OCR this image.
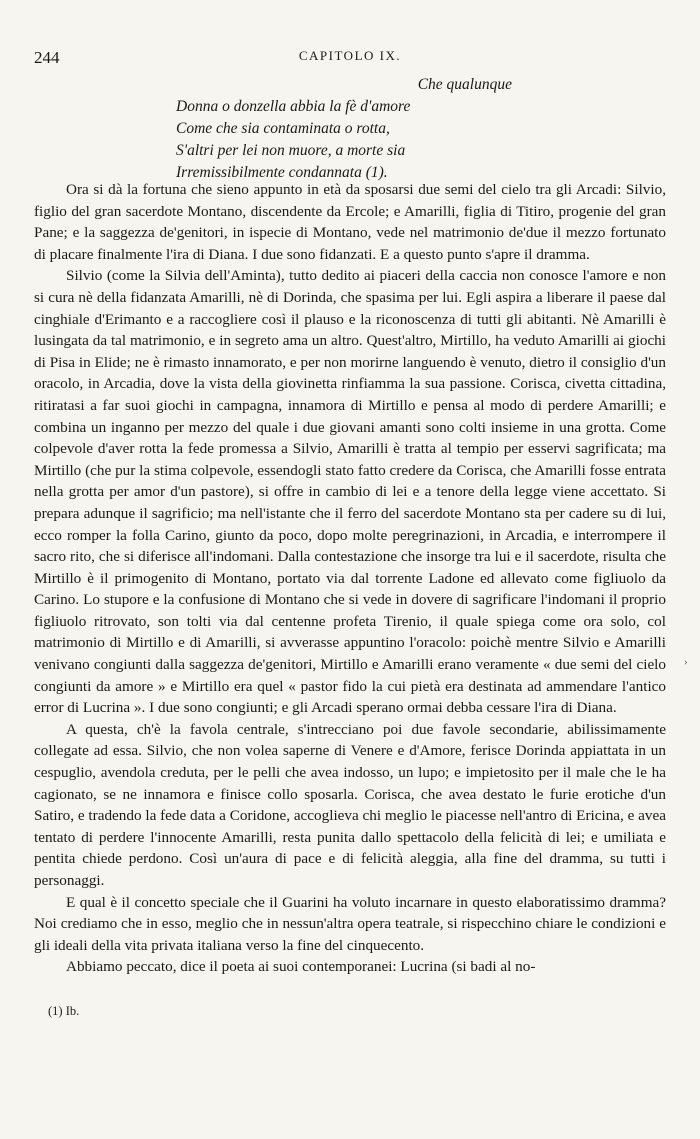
244	CAPITOLO IX.
Che qualunque
Donna o donzella abbia la fè d'amore
Come che sia contaminata o rotta,
S'altri per lei non muore, a morte sia
Irremissibilmente condannata (1).

Ora si dà la fortuna che sieno appunto in età da sposarsi due semi del cielo tra gli Arcadi: Silvio, figlio del gran sacerdote Montano, discendente da Ercole; e Amarilli, figlia di Titiro, progenie del gran Pane; e la saggezza de'genitori, in ispecie di Montano, vede nel matrimonio de'due il mezzo fortunato di placare finalmente l'ira di Diana. I due sono fidanzati. E a questo punto s'apre il dramma.

Silvio (come la Silvia dell'Aminta), tutto dedito ai piaceri della caccia non conosce l'amore e non si cura nè della fidanzata Amarilli, nè di Dorinda, che spasima per lui. Egli aspira a liberare il paese dal cinghiale d'Erimanto e a raccogliere così il plauso e la riconoscenza di tutti gli abitanti. Nè Amarilli è lusingata da tal matrimonio, e in segreto ama un altro. Quest'altro, Mirtillo, ha veduto Amarilli ai giochi di Pisa in Elide; ne è rimasto innamorato, e per non morirne languendo è venuto, dietro il consiglio d'un oracolo, in Arcadia, dove la vista della giovinetta rinfiamma la sua passione. Corisca, civetta cittadina, ritiratasi a far suoi giochi in campagna, innamora di Mirtillo e pensa al modo di perdere Amarilli; e combina un inganno per mezzo del quale i due giovani amanti sono colti insieme in una grotta. Come colpevole d'aver rotta la fede promessa a Silvio, Amarilli è tratta al tempio per esservi sagrificata; ma Mirtillo (che pur la stima colpevole, essendogli stato fatto credere da Corisca, che Amarilli fosse entrata nella grotta per amor d'un pastore), si offre in cambio di lei e a tenore della legge viene accettato. Si prepara adunque il sagrificio; ma nell'istante che il ferro del sacerdote Montano sta per cadere su di lui, ecco romper la folla Carino, giunto da poco, dopo molte peregrinazioni, in Arcadia, e interrompere il sacro rito, che si diferisce all'indomani. Dalla contestazione che insorge tra lui e il sacerdote, risulta che Mirtillo è il primogenito di Montano, portato via dal torrente Ladone ed allevato come figliuolo da Carino. Lo stupore e la confusione di Montano che si vede in dovere di sagrificare l'indomani il proprio figliuolo ritrovato, son tolti via dal centenne profeta Tirenio, il quale spiega come ora solo, col matrimonio di Mirtillo e di Amarilli, si avverasse appuntino l'oracolo: poichè mentre Silvio e Amarilli venivano congiunti dalla saggezza de'genitori, Mirtillo e Amarilli erano veramente « due semi del cielo congiunti da amore » e Mirtillo era quel « pastor fido la cui pietà era destinata ad ammendare l'antico error di Lucrina ». I due sono congiunti; e gli Arcadi sperano ormai debba cessare l'ira di Diana.

A questa, ch'è la favola centrale, s'intrecciano poi due favole secondarie, abilissimamente collegate ad essa. Silvio, che non volea saperne di Venere e d'Amore, ferisce Dorinda appiattata in un cespuglio, avendola creduta, per le pelli che avea indosso, un lupo; e impietosito per il male che le ha cagionato, se ne innamora e finisce collo sposarla. Corisca, che avea destato le furie erotiche d'un Satiro, e tradendo la fede data a Coridone, accoglieva chi meglio le piacesse nell'antro di Ericina, e avea tentato di perdere l'innocente Amarilli, resta punita dallo spettacolo della felicità di lei; e umiliata e pentita chiede perdono. Così un'aura di pace e di felicità aleggia, alla fine del dramma, su tutti i personaggi.

E qual è il concetto speciale che il Guarini ha voluto incarnare in questo elaboratissimo dramma? Noi crediamo che in esso, meglio che in nessun'altra opera teatrale, si rispecchino chiare le condizioni e gli ideali della vita privata italiana verso la fine del cinquecento.

Abbiamo peccato, dice il poeta ai suoi contemporanei: Lucrina (si badi al no-

(1) Ib.
›
